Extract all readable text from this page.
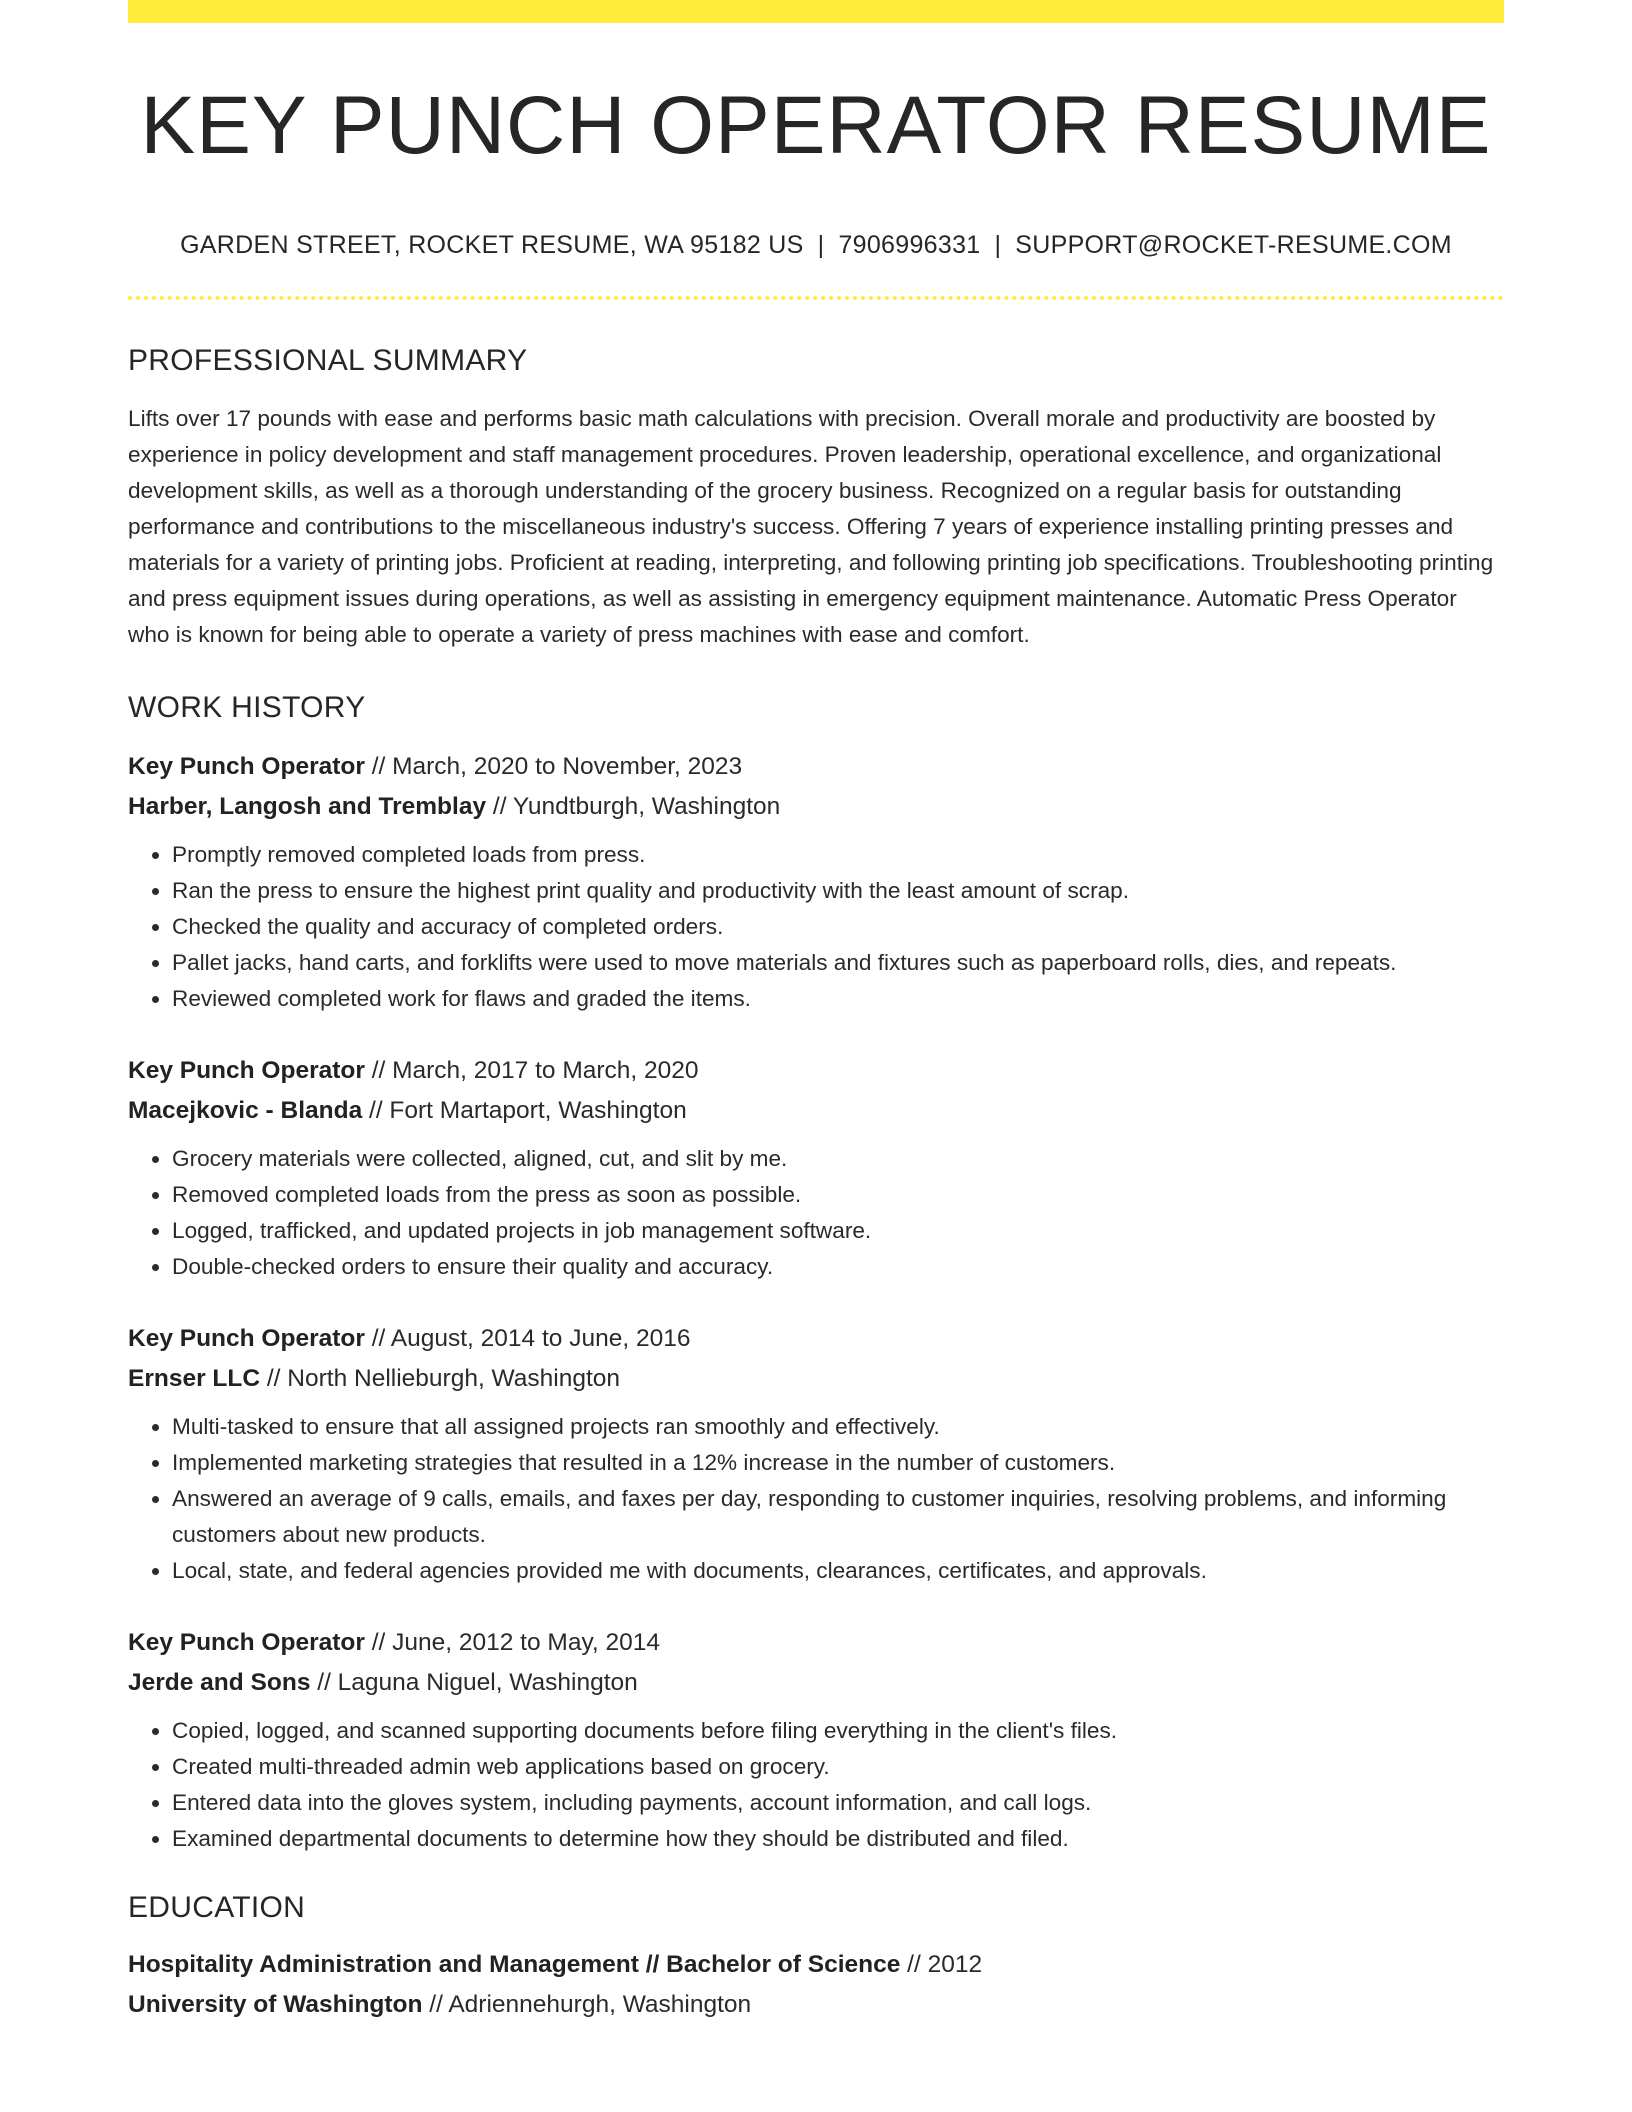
KEY PUNCH OPERATOR RESUME
GARDEN STREET, ROCKET RESUME, WA 95182 US | 7906996331 | SUPPORT@ROCKET-RESUME.COM
PROFESSIONAL SUMMARY

Lifts over 17 pounds with ease and performs basic math calculations with precision. Overall morale and productivity are boosted by experience in policy development and staff management procedures. Proven leadership, operational excellence, and organizational development skills, as well as a thorough understanding of the grocery business. Recognized on a regular basis for outstanding performance and contributions to the miscellaneous industry's success. Offering 7 years of experience installing printing presses and materials for a variety of printing jobs. Proficient at reading, interpreting, and following printing job specifications. Troubleshooting printing and press equipment issues during operations, as well as assisting in emergency equipment maintenance. Automatic Press Operator who is known for being able to operate a variety of press machines with ease and comfort.

WORK HISTORY
Key Punch Operator // March, 2020 to November, 2023
Harber, Langosh and Tremblay // Yundtburgh, Washington
• Promptly removed completed loads from press.
• Ran the press to ensure the highest print quality and productivity with the least amount of scrap.
• Checked the quality and accuracy of completed orders.
• Pallet jacks, hand carts, and forklifts were used to move materials and fixtures such as paperboard rolls, dies, and repeats.
• Reviewed completed work for flaws and graded the items.
Key Punch Operator // March, 2017 to March, 2020
Macejkovic - Blanda // Fort Martaport, Washington
• Grocery materials were collected, aligned, cut, and slit by me.
• Removed completed loads from the press as soon as possible.
• Logged, trafficked, and updated projects in job management software.
• Double-checked orders to ensure their quality and accuracy.
Key Punch Operator // August, 2014 to June, 2016
Ernser LLC // North Nellieburgh, Washington
• Multi-tasked to ensure that all assigned projects ran smoothly and effectively.
• Implemented marketing strategies that resulted in a 12% increase in the number of customers.
• Answered an average of 9 calls, emails, and faxes per day, responding to customer inquiries, resolving problems, and informing customers about new products.
• Local, state, and federal agencies provided me with documents, clearances, certificates, and approvals.
Key Punch Operator // June, 2012 to May, 2014
Jerde and Sons // Laguna Niguel, Washington
• Copied, logged, and scanned supporting documents before filing everything in the client's files.
• Created multi-threaded admin web applications based on grocery.
• Entered data into the gloves system, including payments, account information, and call logs.
• Examined departmental documents to determine how they should be distributed and filed.
EDUCATION
Hospitality Administration and Management // Bachelor of Science // 2012
University of Washington // Adriennehurgh, Washington
